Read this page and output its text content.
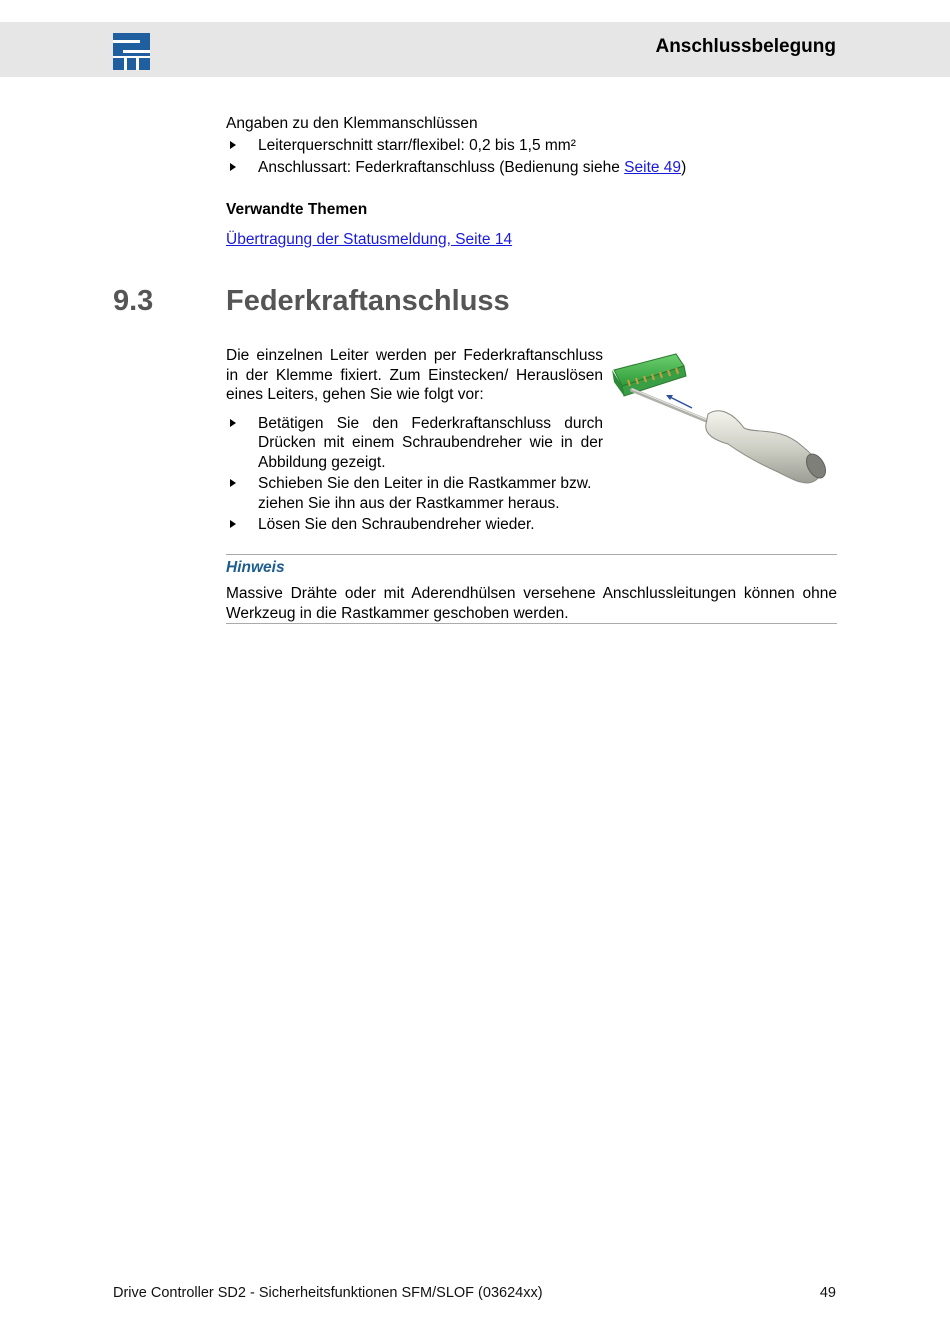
Anschlussbelegung

Angaben zu den Klemmanschlüssen

Leiterquerschnitt starr/flexibel: 0,2 bis 1,5 mm²
Anschlussart: Federkraftanschluss (Bedienung siehe Seite 49)

Verwandte Themen

Übertragung der Statusmeldung, Seite 14

9.3	Federkraftanschluss

Die einzelnen Leiter werden per Federkraftanschluss in der Klemme fixiert. Zum Einstecken/ Herauslösen eines Leiters, gehen Sie wie folgt vor:

Betätigen Sie den Federkraftanschluss durch Drücken mit einem Schraubendreher wie in der Abbildung gezeigt.
Schieben Sie den Leiter in die Rastkammer bzw. ziehen Sie ihn aus der Rastkammer heraus.
Lösen Sie den Schraubendreher wieder.
Hinweis

Massive Drähte oder mit Aderendhülsen versehene Anschlussleitungen können ohne Werkzeug in die Rastkammer geschoben werden.

Drive Controller SD2 - Sicherheitsfunktionen SFM/SLOF (03624xx)	49
